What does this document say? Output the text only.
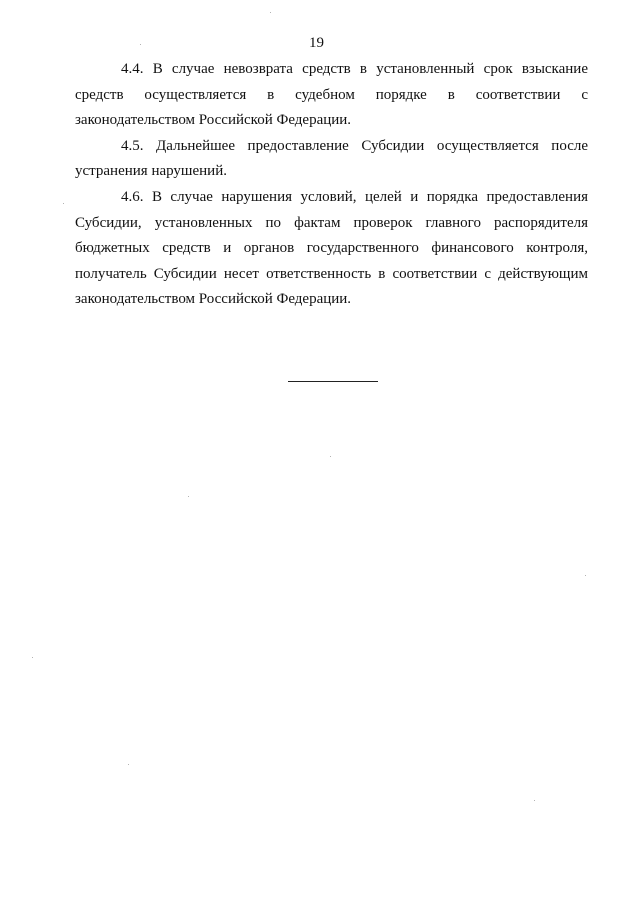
19

4.4. В случае невозврата средств в установленный срок взыскание средств осуществляется в судебном порядке в соответствии с законодательством Российской Федерации.

4.5. Дальнейшее предоставление Субсидии осуществляется после устранения нарушений.

4.6. В случае нарушения условий, целей и порядка предоставления Субсидии, установленных по фактам проверок главного распорядителя бюджетных средств и органов государственного финансового контроля, получатель Субсидии несет ответственность в соответствии с действующим законодательством Российской Федерации.
